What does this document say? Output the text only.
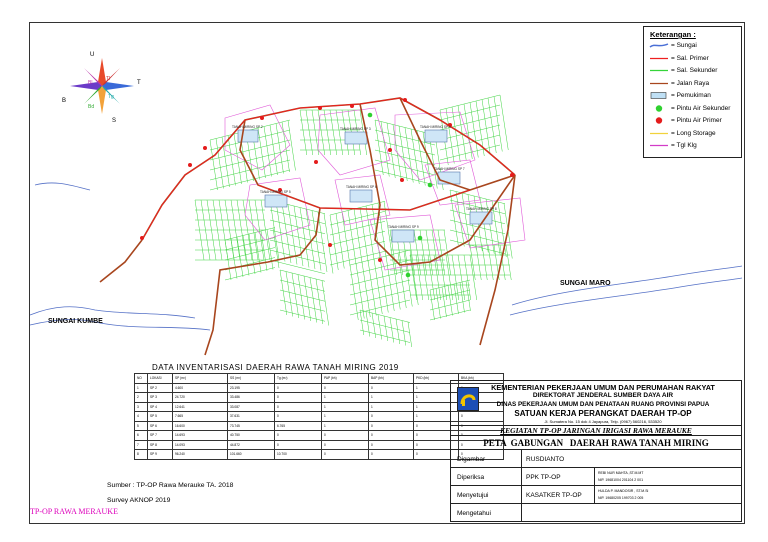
U
S
T
B
Tl
Bl
Tg
Bd
TANAH MIRING SP 2	TANAH MIRING SP 3	TANAH MIRING SP 4
TANAH MIRING SP 5
TANAH MIRING SP 6
TANAH MIRING SP 7
TANAH MIRING SP 8
TANAH MIRING SP 9
SUNGAI MARO
SUNGAI KUMBE
Keterangan :
= Sungai
= Sal. Primer
= Sal. Sekunder
= Jalan Raya
= Pemukiman
= Pintu Air Sekunder
= Pintu Air Primer
= Long Storage
= Tgl Klg
DATA INVENTARISASI DAERAH RAWA TANAH MIRING 2019
NO	LOKASI	SP (m²)	SS (m²)	Tg (m²)	PAP (bh)	BAP (bh)	PKD (bh)	BKA (bh)
1	SP 2	4.600	23.195	0	0	0	1	
2	SP 3	24.720	33.486	0	1	1	1	
3	SP 4	12.641	33.087	0	1	1	1	
4	SP 5	7.665	37.631	0	1	0	1	0
5	SP 6	16.600	73.745	6.765	1	0	0	0
6	SP 7	14.693	40.750	0	0	0	0	0
7	SP 8	14.093	44.872	0	0	0	0	0
8	SP 9	96.240	101.660	10.700	0	0	0	0
Sumber : TP-OP Rawa Merauke TA. 2018
Survey AKNOP 2019
TP-OP RAWA MERAUKE
KEMENTERIAN PEKERJAAN UMUM DAN PERUMAHAN RAKYAT
DIREKTORAT JENDERAL SUMBER DAYA AIR
DINAS PEKERJAAN UMUM DAN PENATAAN RUANG PROVINSI PAPUA
SATUAN KERJA PERANGKAT DAERAH TP-OP
Jl. Sumatera No. 15 dok 4 Jayapura, Telp. (0967) 560216, 533520
KEGIATAN TP-OP JARINGAN IRIGASI RAWA MERAUKE
PETA  GABUNGAN   DAERAH RAWA TANAH MIRING
Digambar	RUSDIANTO
Diperiksa	PPK TP-OP
REBI NUR MAHTA ,ST.M.MT
NIP. 19681004 201104 2 001
Menyetujui	KASATKER TP-OP
HULDA P. MANDOSIR , ST.M.Si
NIP. 19680205 199703 2 005
Mengetahui
